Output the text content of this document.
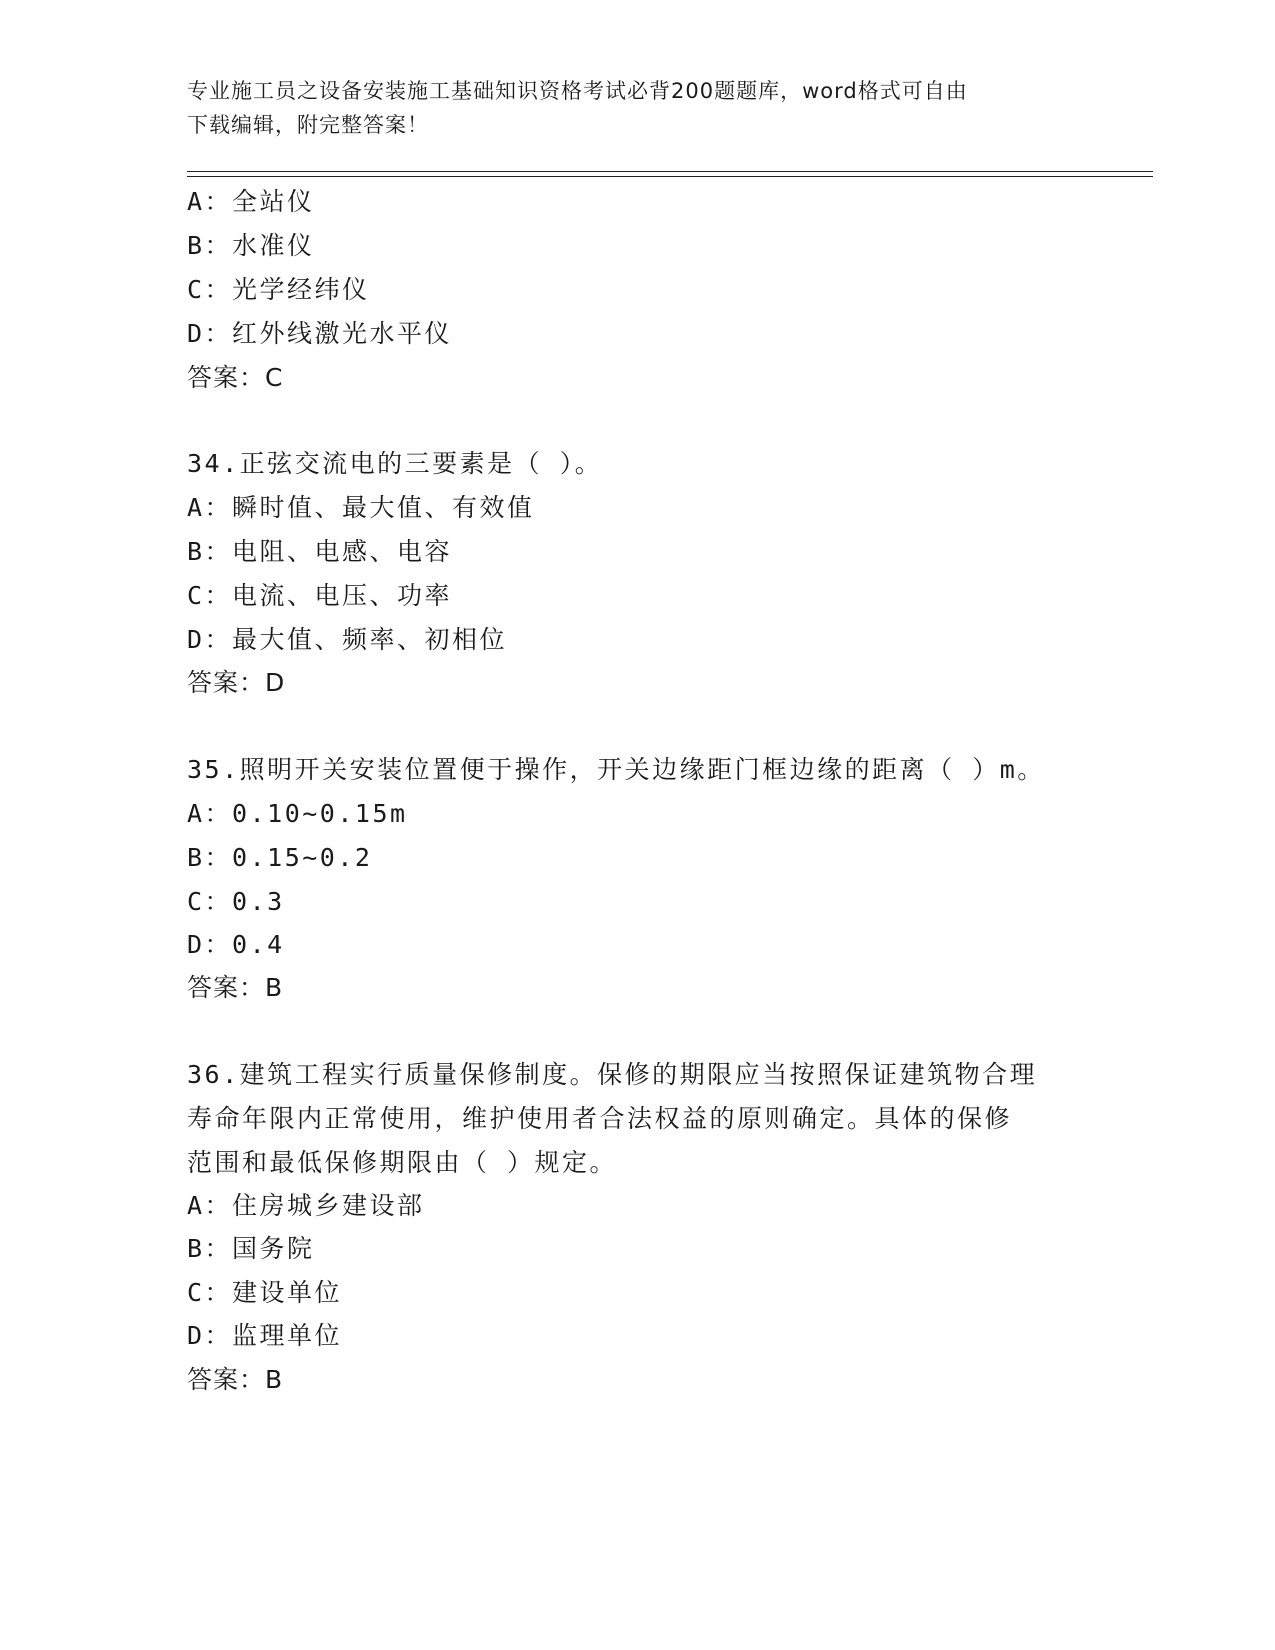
专业施工员之设备安装施工基础知识资格考试必背200题题库，word格式可自由

下载编辑，附完整答案！

A：全站仪
B：水准仪
C：光学经纬仪
D：红外线激光水平仪
答案：C
34.正弦交流电的三要素是（ ）。
A：瞬时值、最大值、有效值
B：电阻、电感、电容
C：电流、电压、功率
D：最大值、频率、初相位
答案：D
35.照明开关安装位置便于操作，开关边缘距门框边缘的距离（ ）m。
A：0.10~0.15m
B：0.15~0.2
C：0.3
D：0.4
答案：B
36.建筑工程实行质量保修制度。保修的期限应当按照保证建筑物合理
寿命年限内正常使用，维护使用者合法权益的原则确定。具体的保修
范围和最低保修期限由（ ）规定。
A：住房城乡建设部
B：国务院
C：建设单位
D：监理单位
答案：B
